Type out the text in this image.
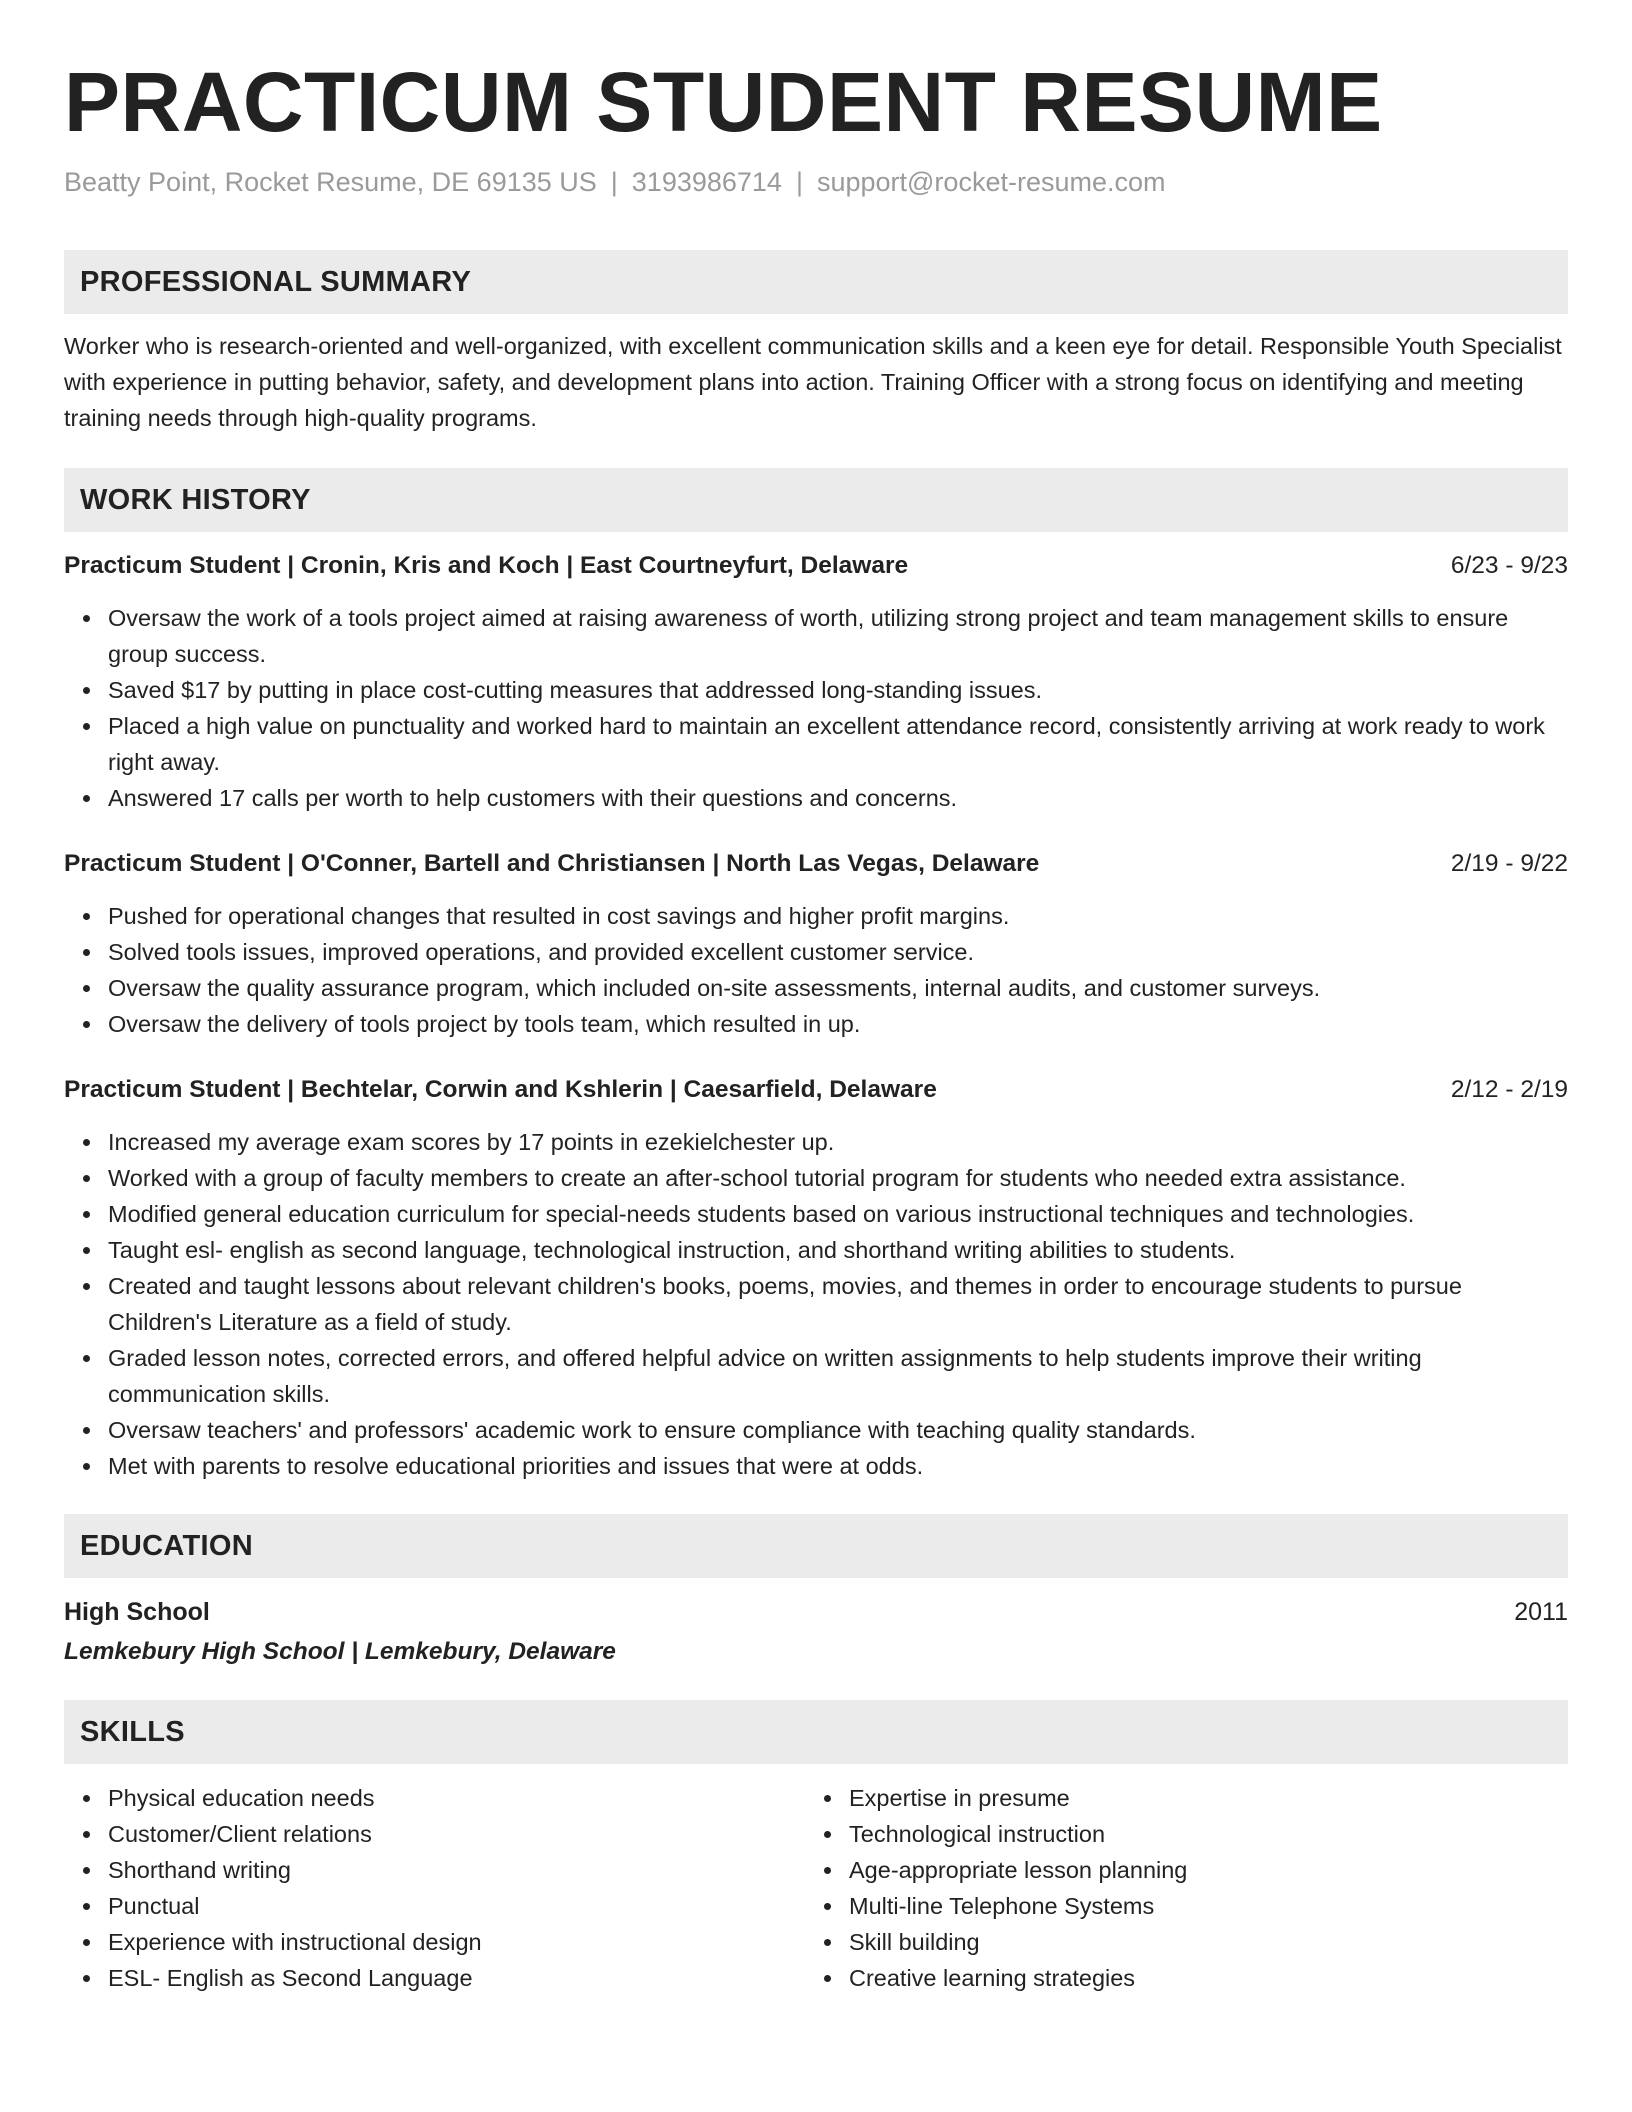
PRACTICUM STUDENT RESUME
Beatty Point, Rocket Resume, DE 69135 US | 3193986714 | support@rocket-resume.com
PROFESSIONAL SUMMARY

Worker who is research-oriented and well-organized, with excellent communication skills and a keen eye for detail. Responsible Youth Specialist with experience in putting behavior, safety, and development plans into action. Training Officer with a strong focus on identifying and meeting training needs through high-quality programs.

WORK HISTORY
Practicum Student | Cronin, Kris and Koch | East Courtneyfurt, Delaware	6/23 - 9/23
Oversaw the work of a tools project aimed at raising awareness of worth, utilizing strong project and team management skills to ensure group success.
Saved $17 by putting in place cost-cutting measures that addressed long-standing issues.
Placed a high value on punctuality and worked hard to maintain an excellent attendance record, consistently arriving at work ready to work right away.
Answered 17 calls per worth to help customers with their questions and concerns.
Practicum Student | O'Conner, Bartell and Christiansen | North Las Vegas, Delaware	2/19 - 9/22
Pushed for operational changes that resulted in cost savings and higher profit margins.
Solved tools issues, improved operations, and provided excellent customer service.
Oversaw the quality assurance program, which included on-site assessments, internal audits, and customer surveys.
Oversaw the delivery of tools project by tools team, which resulted in up.
Practicum Student | Bechtelar, Corwin and Kshlerin | Caesarfield, Delaware	2/12 - 2/19
Increased my average exam scores by 17 points in ezekielchester up.
Worked with a group of faculty members to create an after-school tutorial program for students who needed extra assistance.
Modified general education curriculum for special-needs students based on various instructional techniques and technologies.
Taught esl- english as second language, technological instruction, and shorthand writing abilities to students.
Created and taught lessons about relevant children's books, poems, movies, and themes in order to encourage students to pursue Children's Literature as a field of study.
Graded lesson notes, corrected errors, and offered helpful advice on written assignments to help students improve their writing communication skills.
Oversaw teachers' and professors' academic work to ensure compliance with teaching quality standards.
Met with parents to resolve educational priorities and issues that were at odds.
EDUCATION
High School	2011
Lemkebury High School | Lemkebury, Delaware
SKILLS
Physical education needs
Customer/Client relations
Shorthand writing
Punctual
Experience with instructional design
ESL- English as Second Language
Expertise in presume
Technological instruction
Age-appropriate lesson planning
Multi-line Telephone Systems
Skill building
Creative learning strategies
